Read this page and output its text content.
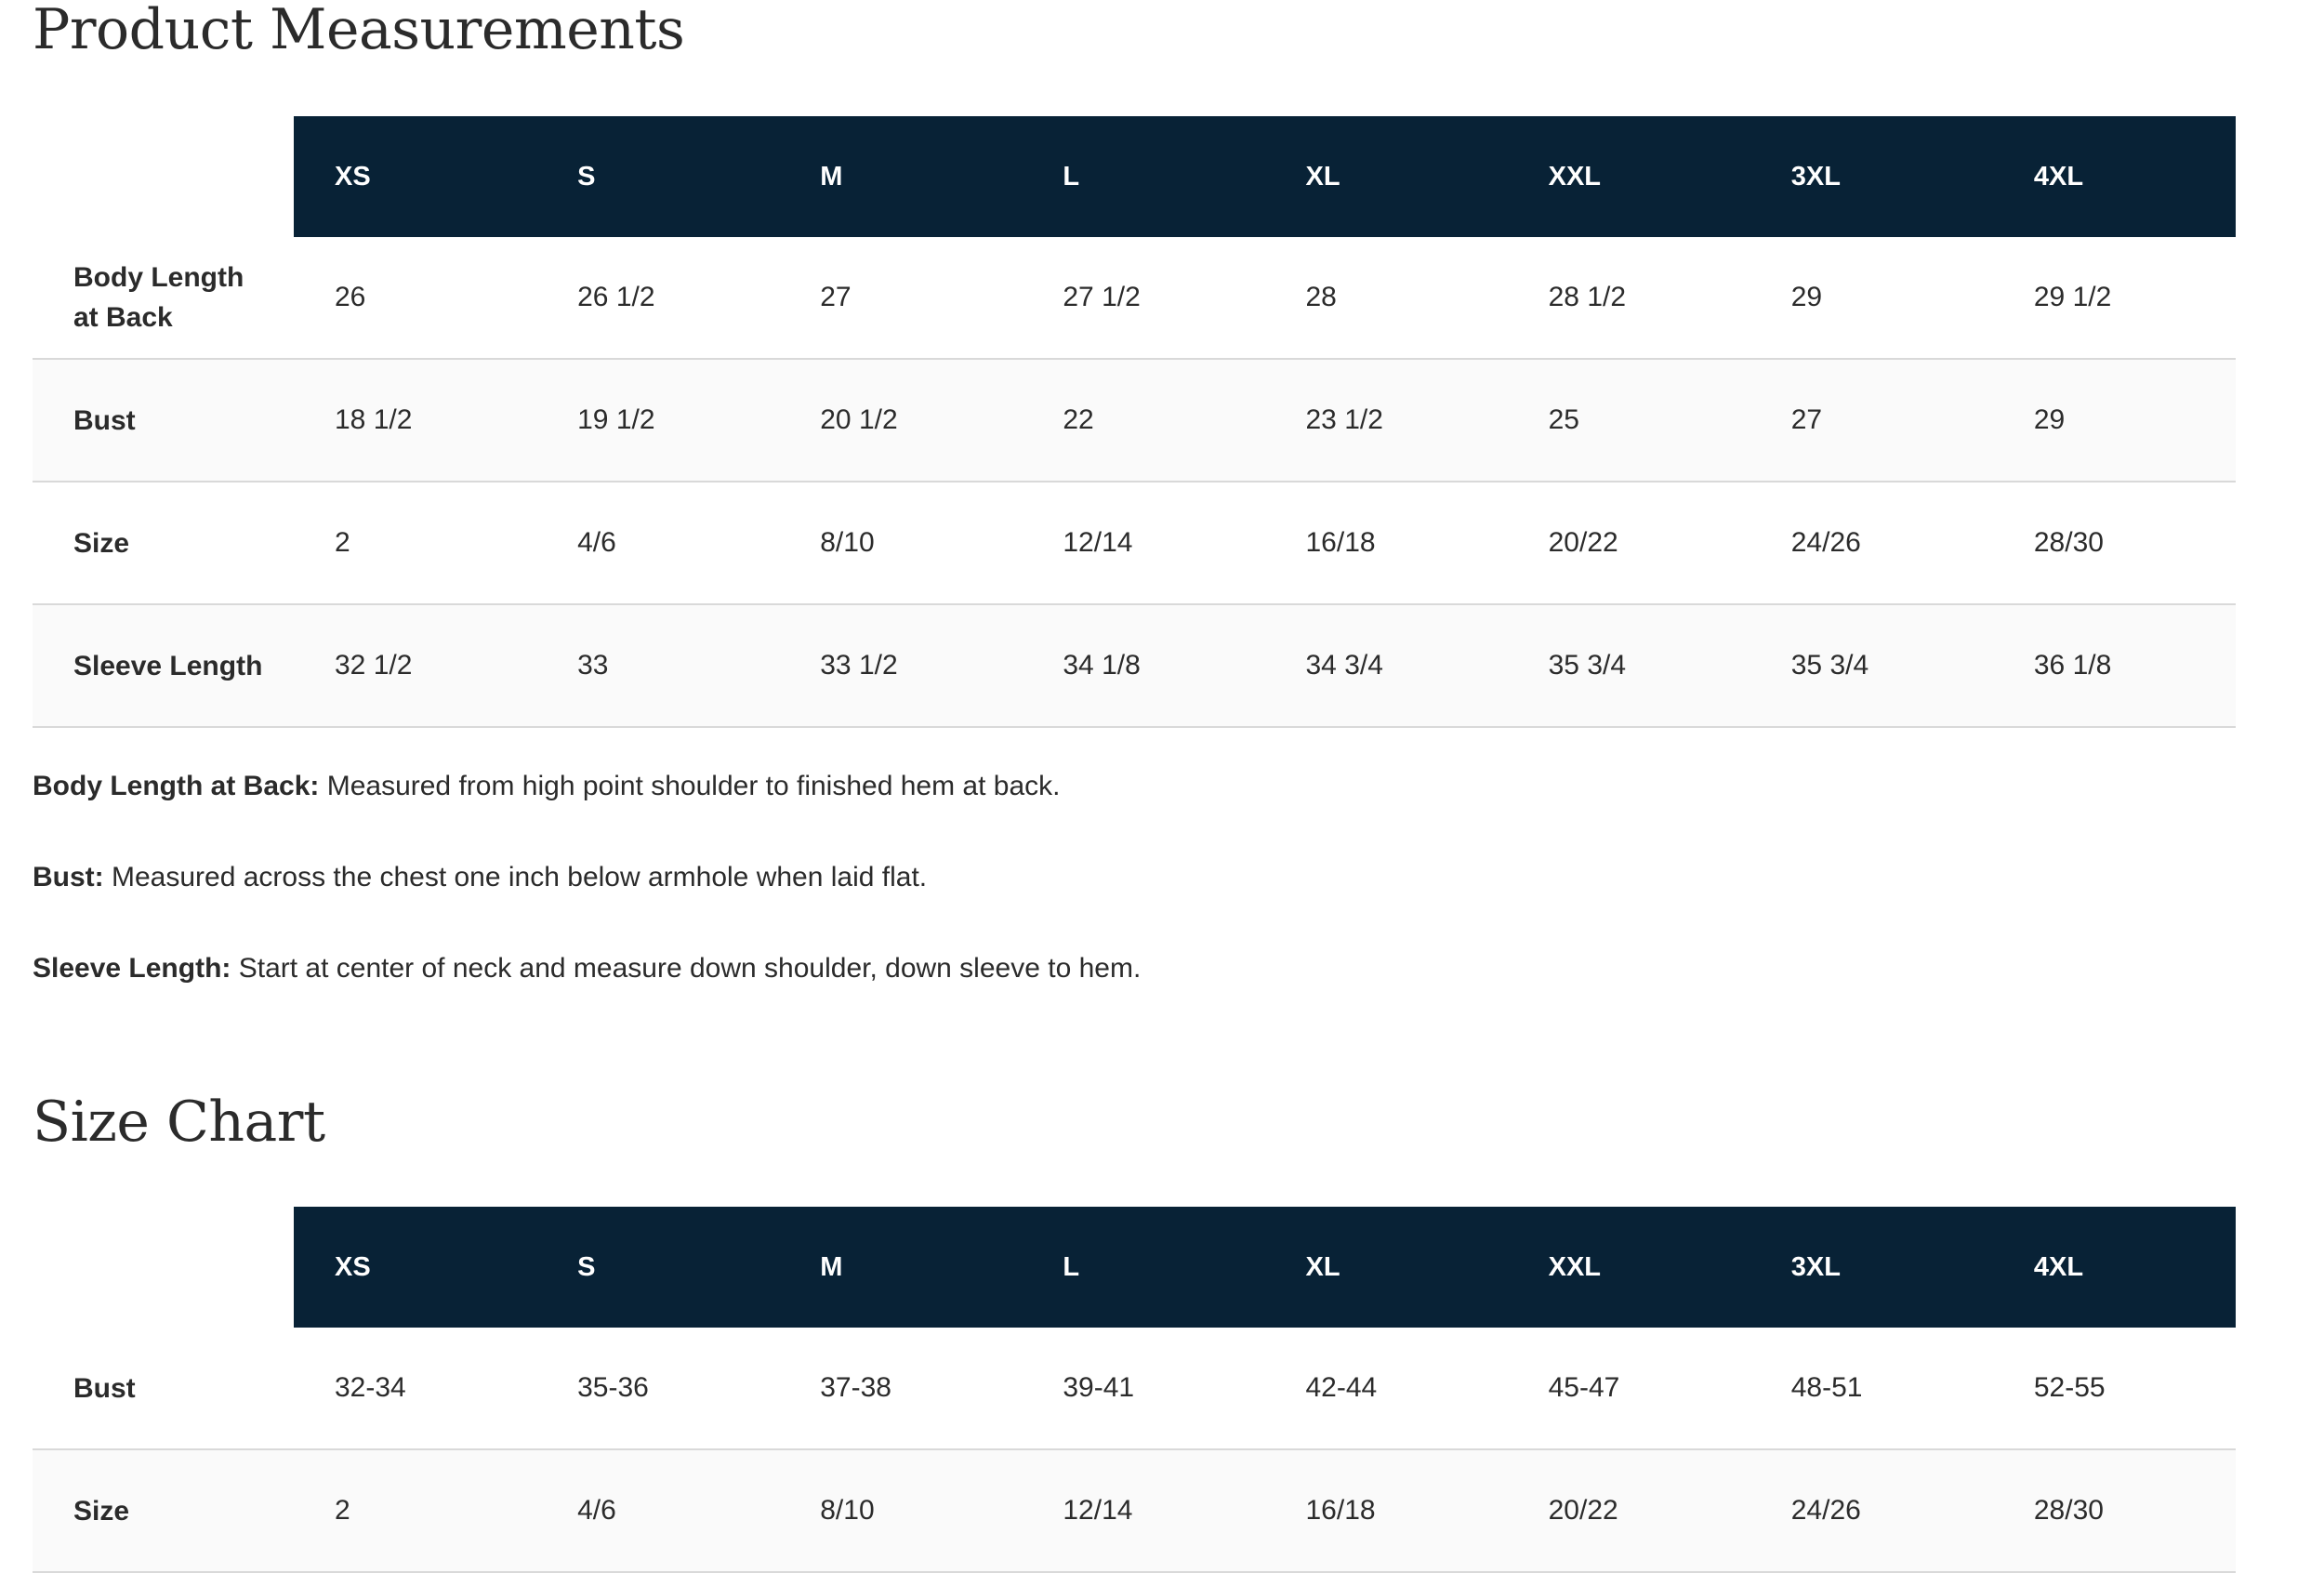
Product Measurements
	XS	S	M	L	XL	XXL	3XL	4XL
Body Length at Back	26	26 1/2	27	27 1/2	28	28 1/2	29	29 1/2
Bust	18 1/2	19 1/2	20 1/2	22	23 1/2	25	27	29
Size	2	4/6	8/10	12/14	16/18	20/22	24/26	28/30
Sleeve Length	32 1/2	33	33 1/2	34 1/8	34 3/4	35 3/4	35 3/4	36 1/8

Body Length at Back: Measured from high point shoulder to finished hem at back.

Bust: Measured across the chest one inch below armhole when laid flat.

Sleeve Length: Start at center of neck and measure down shoulder, down sleeve to hem.

Size Chart
	XS	S	M	L	XL	XXL	3XL	4XL
Bust	32-34	35-36	37-38	39-41	42-44	45-47	48-51	52-55
Size	2	4/6	8/10	12/14	16/18	20/22	24/26	28/30
